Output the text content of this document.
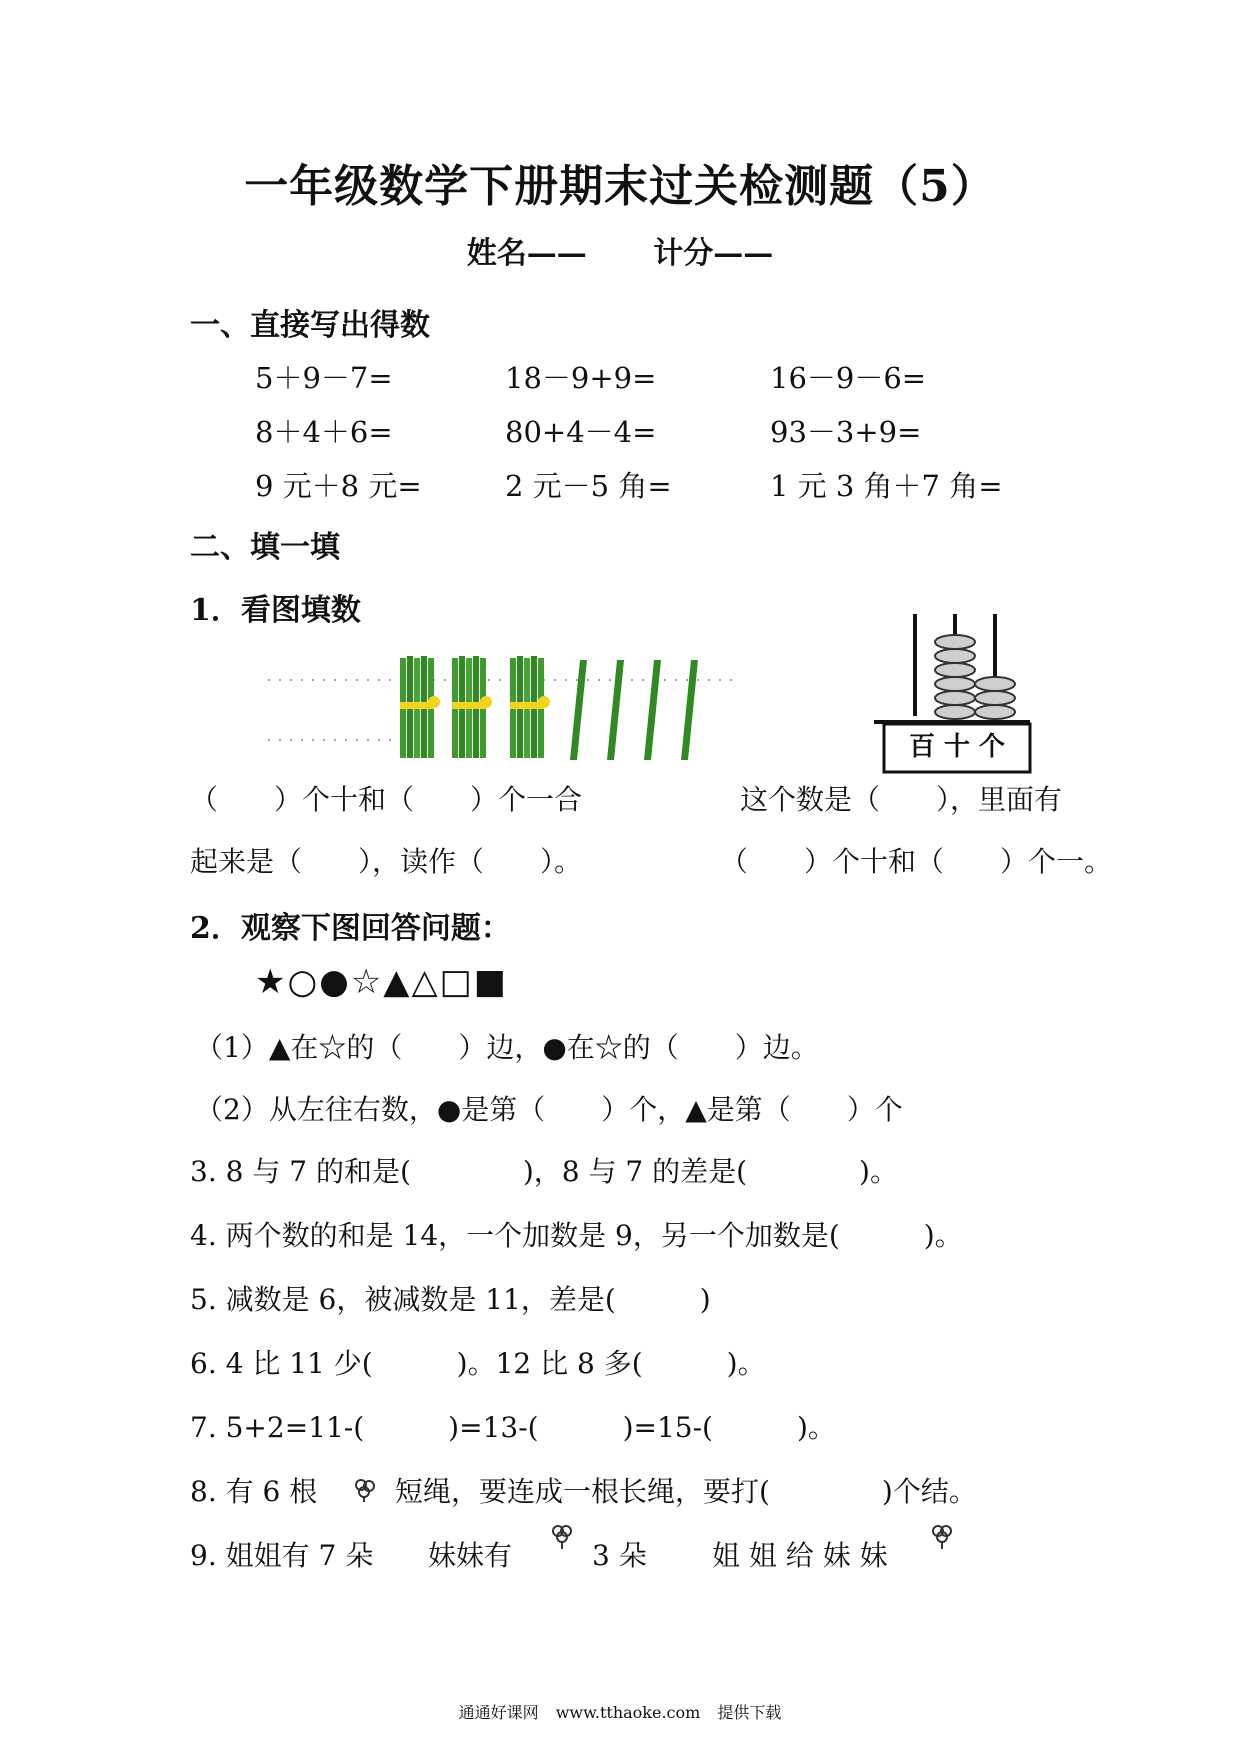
一年级数学下册期末过关检测题（5）
姓名—— 计分——
一、直接写出得数
5＋9－7=	18－9+9=	16－9－6=
8＋4＋6=	80+4－4=	93－3+9=
9 元＋8 元=	2 元－5 角=	1 元 3 角＋7 角=
二、填一填
1．看图填数
百 十 个
（　　）个十和（　　）个一合
起来是（　　），读作（　　）。
这个数是（　　），里面有
（　　）个十和（　　）个一。
2．观察下图回答问题：
★○●☆▲△□■
（1）▲在☆的（　　）边，●在☆的（　　）边。
（2）从左往右数，●是第（　　）个，▲是第（　　）个
3. 8 与 7 的和是(　　　　)，8 与 7 的差是(　　　　)。
4. 两个数的和是 14，一个加数是 9，另一个加数是(　　　)。
5. 减数是 6，被减数是 11，差是(　　　)
6. 4 比 11 少(　　　)。12 比 8 多(　　　)。
7. 5+2=11-(　　　)=13-(　　　)=15-(　　　)。
8. 有 6 根	短绳，要连成一根长绳，要打(　　　　)个结。
9. 姐姐有 7 朵 妹妹有	3 朵 姐 姐 给 妹 妹
通通好课网 www.tthaoke.com 提供下载
